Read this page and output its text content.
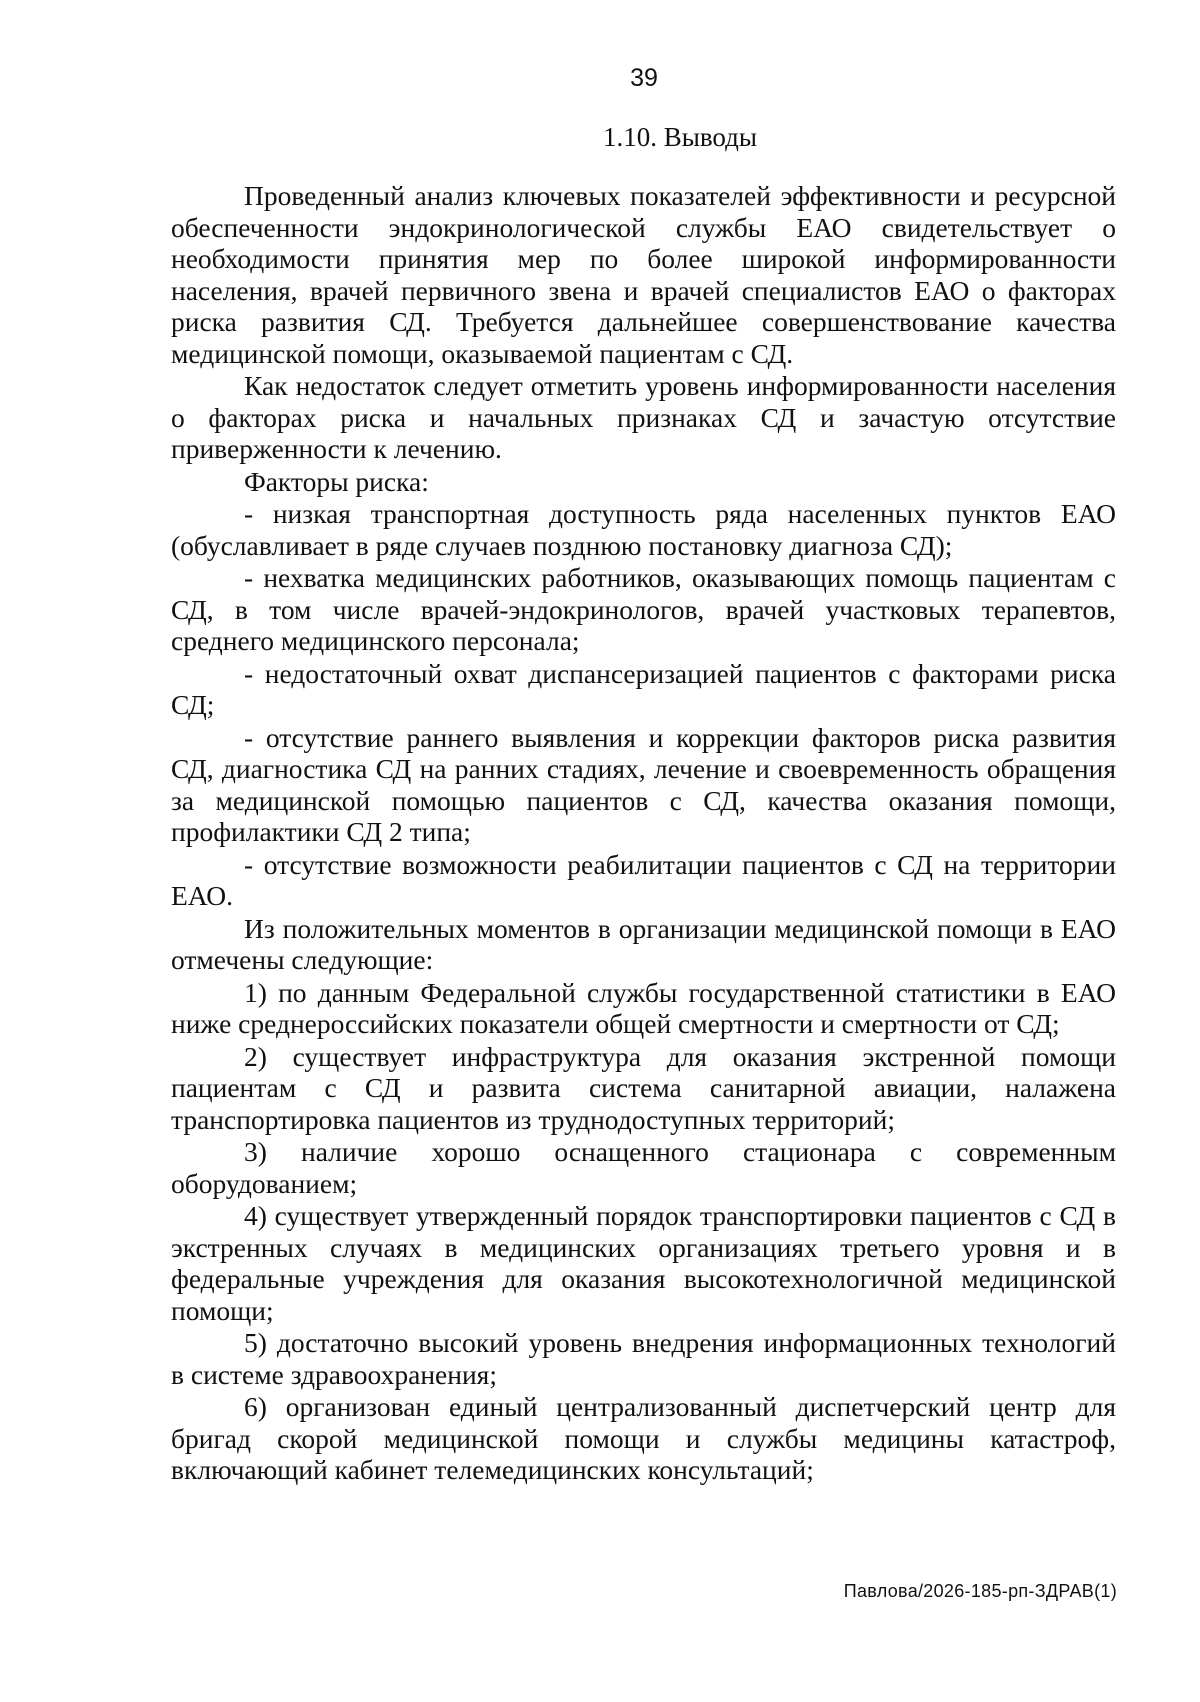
39
1.10. Выводы

Проведенный анализ ключевых показателей эффективности и ресурсной обеспеченности эндокринологической службы ЕАО свидетельствует о необходимости принятия мер по более широкой информированности населения, врачей первичного звена и врачей специалистов ЕАО о факторах риска развития СД. Требуется дальнейшее совершенствование качества медицинской помощи, оказываемой пациентам с СД.

Как недостаток следует отметить уровень информированности населения о факторах риска и начальных признаках СД и зачастую отсутствие приверженности к лечению.

Факторы риска:

- низкая транспортная доступность ряда населенных пунктов ЕАО (обуславливает в ряде случаев позднюю постановку диагноза СД);

- нехватка медицинских работников, оказывающих помощь пациентам с СД, в том числе врачей-эндокринологов, врачей участковых терапевтов, среднего медицинского персонала;

- недостаточный охват диспансеризацией пациентов с факторами риска СД;

- отсутствие раннего выявления и коррекции факторов риска развития СД, диагностика СД на ранних стадиях, лечение и своевременность обращения за медицинской помощью пациентов с СД, качества оказания помощи, профилактики СД 2 типа;

- отсутствие возможности реабилитации пациентов с СД на территории ЕАО.

Из положительных моментов в организации медицинской помощи в ЕАО отмечены следующие:

1) по данным Федеральной службы государственной статистики в ЕАО ниже среднероссийских показатели общей смертности и смертности от СД;

2) существует инфраструктура для оказания экстренной помощи пациентам с СД и развита система санитарной авиации, налажена транспортировка пациентов из труднодоступных территорий;

3) наличие хорошо оснащенного стационара с современным оборудованием;

4) существует утвержденный порядок транспортировки пациентов с СД в экстренных случаях в медицинских организациях третьего уровня и в федеральные учреждения для оказания высокотехнологичной медицинской помощи;

5) достаточно высокий уровень внедрения информационных технологий в системе здравоохранения;

6) организован единый централизованный диспетчерский центр для бригад скорой медицинской помощи и службы медицины катастроф, включающий кабинет телемедицинских консультаций;

Павлова/2026-185-рп-ЗДРАВ(1)
